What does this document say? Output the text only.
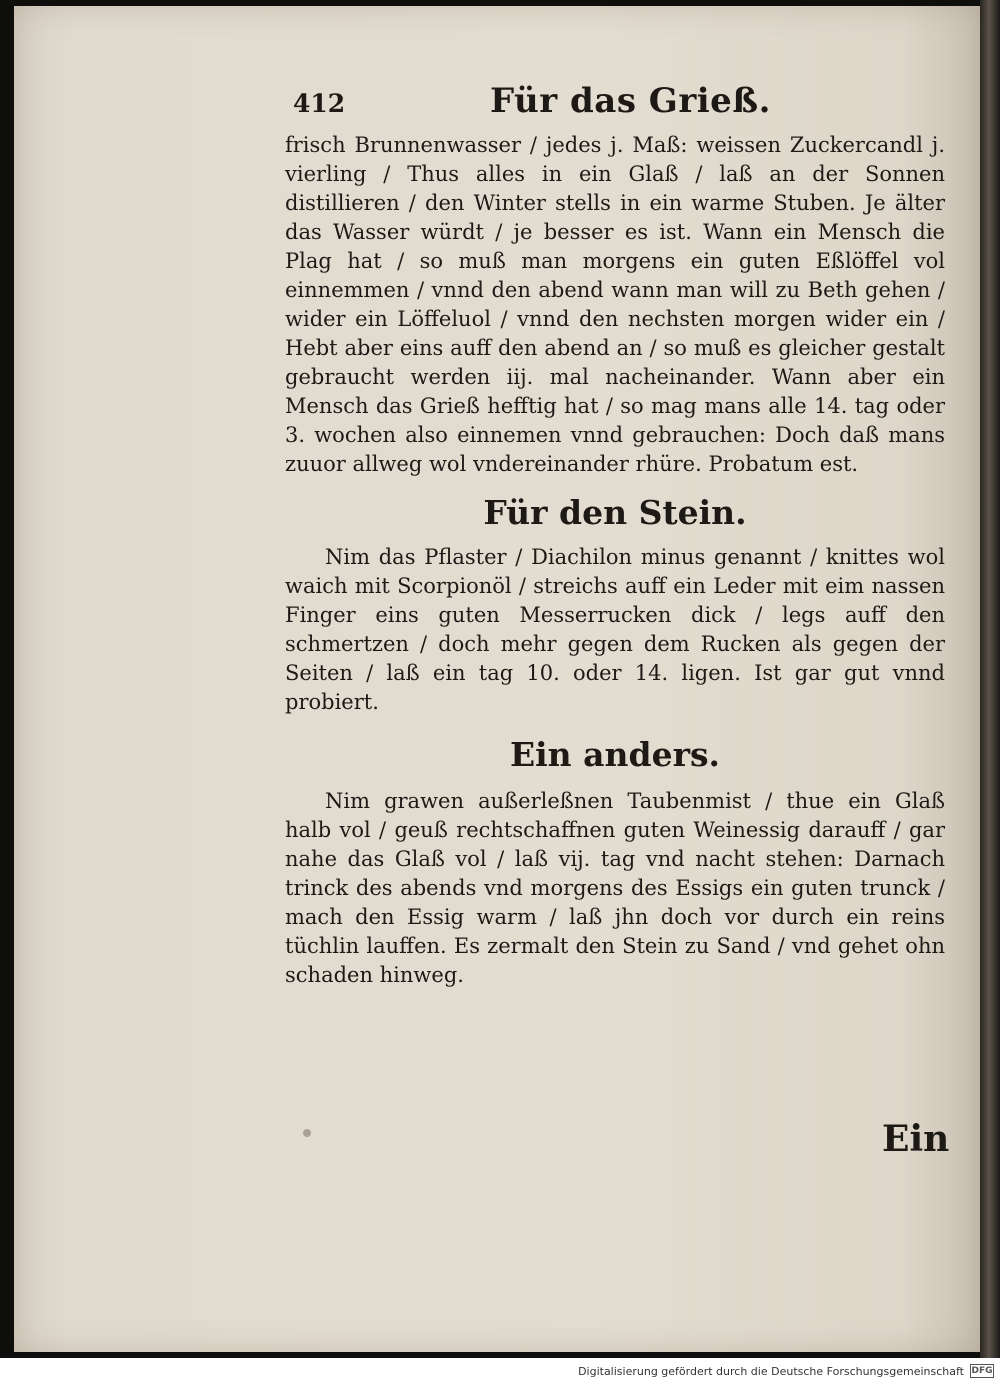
412	Für das Grieß.

frisch Brunnenwasser / jedes j. Maß: weissen Zuckercandl j. vierling / Thus alles in ein Glaß / laß an der Sonnen distillieren / den Winter stells in ein warme Stuben. Je älter das Wasser würdt / je besser es ist. Wann ein Mensch die Plag hat / so muß man morgens ein guten Eßlöffel vol einnemmen / vnnd den abend wann man will zu Beth gehen / wider ein Löffeluol / vnnd den nechsten morgen wider ein / Hebt aber eins auff den abend an / so muß es gleicher gestalt gebraucht werden iij. mal nacheinander. Wann aber ein Mensch das Grieß hefftig hat / so mag mans alle 14. tag oder 3. wochen also einnemen vnnd gebrauchen: Doch daß mans zuuor allweg wol vndereinander rhüre. Probatum est.

Für den Stein.

Nim das Pflaster / Diachilon minus genannt / knittes wol waich mit Scorpionöl / streichs auff ein Leder mit eim nassen Finger eins guten Messerrucken dick / legs auff den schmertzen / doch mehr gegen dem Rucken als gegen der Seiten / laß ein tag 10. oder 14. ligen. Ist gar gut vnnd probiert.

Ein anders.

Nim grawen außerleßnen Taubenmist / thue ein Glaß halb vol / geuß rechtschaffnen guten Weinessig darauff / gar nahe das Glaß vol / laß vij. tag vnd nacht stehen: Darnach trinck des abends vnd morgens des Essigs ein guten trunck / mach den Essig warm / laß jhn doch vor durch ein reins tüchlin lauffen. Es zermalt den Stein zu Sand / vnd gehet ohn schaden hinweg.

Ein
Digitalisierung gefördert durch die Deutsche Forschungsgemeinschaft DFG
